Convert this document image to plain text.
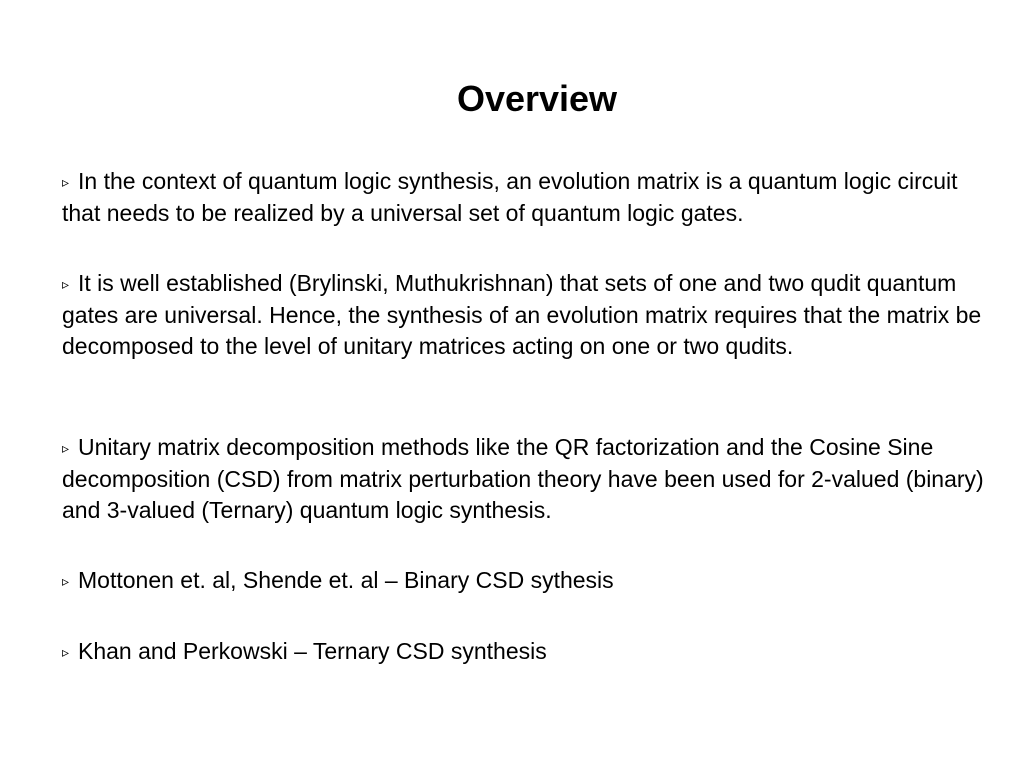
Overview
▹ In the context of quantum logic synthesis, an evolution matrix is a quantum logic circuit that needs to be realized by a universal set of quantum logic gates.
▹ It is well established (Brylinski, Muthukrishnan) that sets of one and two qudit quantum gates are universal. Hence, the synthesis of an evolution matrix requires that the matrix be decomposed to the level of unitary matrices acting on one or two qudits.
▹ Unitary matrix decomposition methods like the QR factorization and the Cosine Sine decomposition (CSD) from matrix perturbation theory have been used for 2-valued (binary) and 3-valued (Ternary) quantum logic synthesis.
▹ Mottonen et. al, Shende et. al – Binary CSD sythesis
▹ Khan and Perkowski – Ternary CSD synthesis
